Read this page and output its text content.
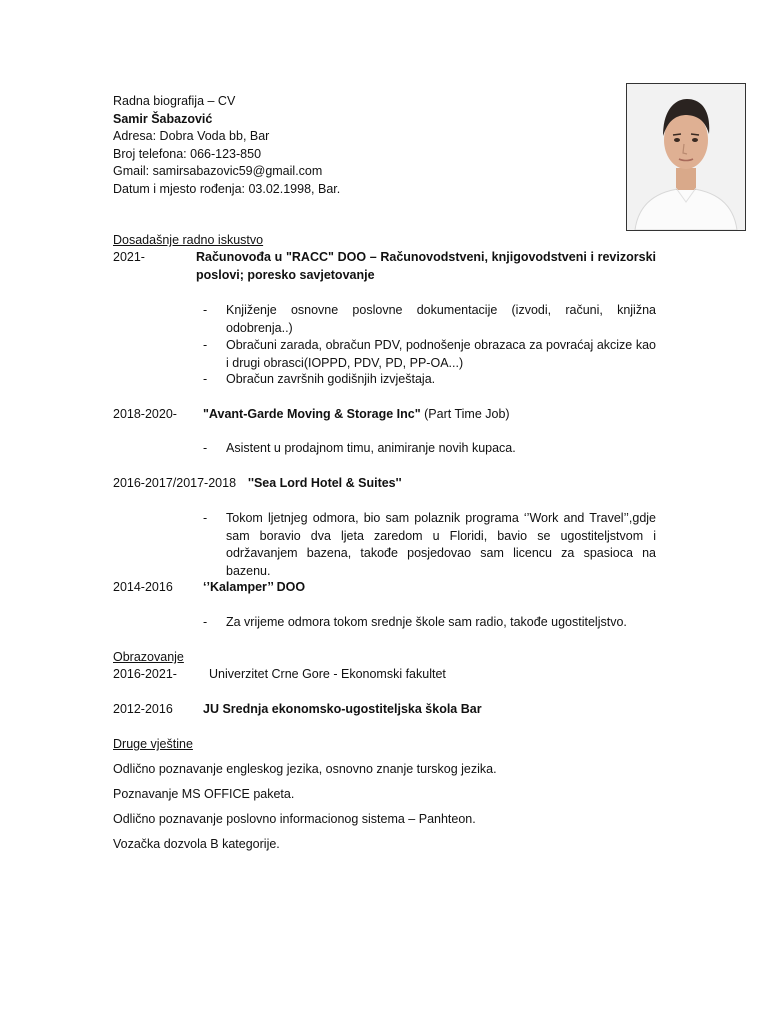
Radna biografija – CV
Samir Šabazović
Adresa: Dobra Voda bb, Bar
Broj telefona: 066-123-850
Gmail: samirsabazovic59@gmail.com
Datum i mjesto rođenja: 03.02.1998, Bar.
Dosadašnje radno iskustvo
2021-	Računovođa u "RACC" DOO – Računovodstveni, knjigovodstveni i revizorski poslovi; poresko savjetovanje
- Knjiženje osnovne poslovne dokumentacije (izvodi, računi, knjižna odobrenja..)
- Obračuni zarada, obračun PDV, podnošenje obrazaca za povraćaj akcize kao i drugi obrasci(IOPPD, PDV, PD, PP-OA...)
- Obračun završnih godišnjih izvještaja.
2018-2020- "Avant-Garde Moving & Storage Inc" (Part Time Job)
- Asistent u prodajnom timu, animiranje novih kupaca.
2016-2017/2017-2018 ''Sea Lord Hotel & Suites''
- Tokom ljetnjeg odmora, bio sam polaznik programa ‘’Work and Travel’’,gdje sam boravio dva ljeta zaredom u Floridi, bavio se ugostiteljstvom i održavanjem bazena, takođe posjedovao sam licencu za spasioca na bazenu.
2014-2016 ‘’Kalamper’’ DOO
- Za vrijeme odmora tokom srednje škole sam radio, takođe ugostiteljstvo.
Obrazovanje
2016-2021-	Univerzitet Crne Gore - Ekonomski fakultet
2012-2016 JU Srednja ekonomsko-ugostiteljska škola Bar
Druge vještine
Odlično poznavanje engleskog jezika, osnovno znanje turskog jezika.
Poznavanje MS OFFICE paketa.
Odlično poznavanje poslovno informacionog sistema – Panhteon.
Vozačka dozvola B kategorije.
